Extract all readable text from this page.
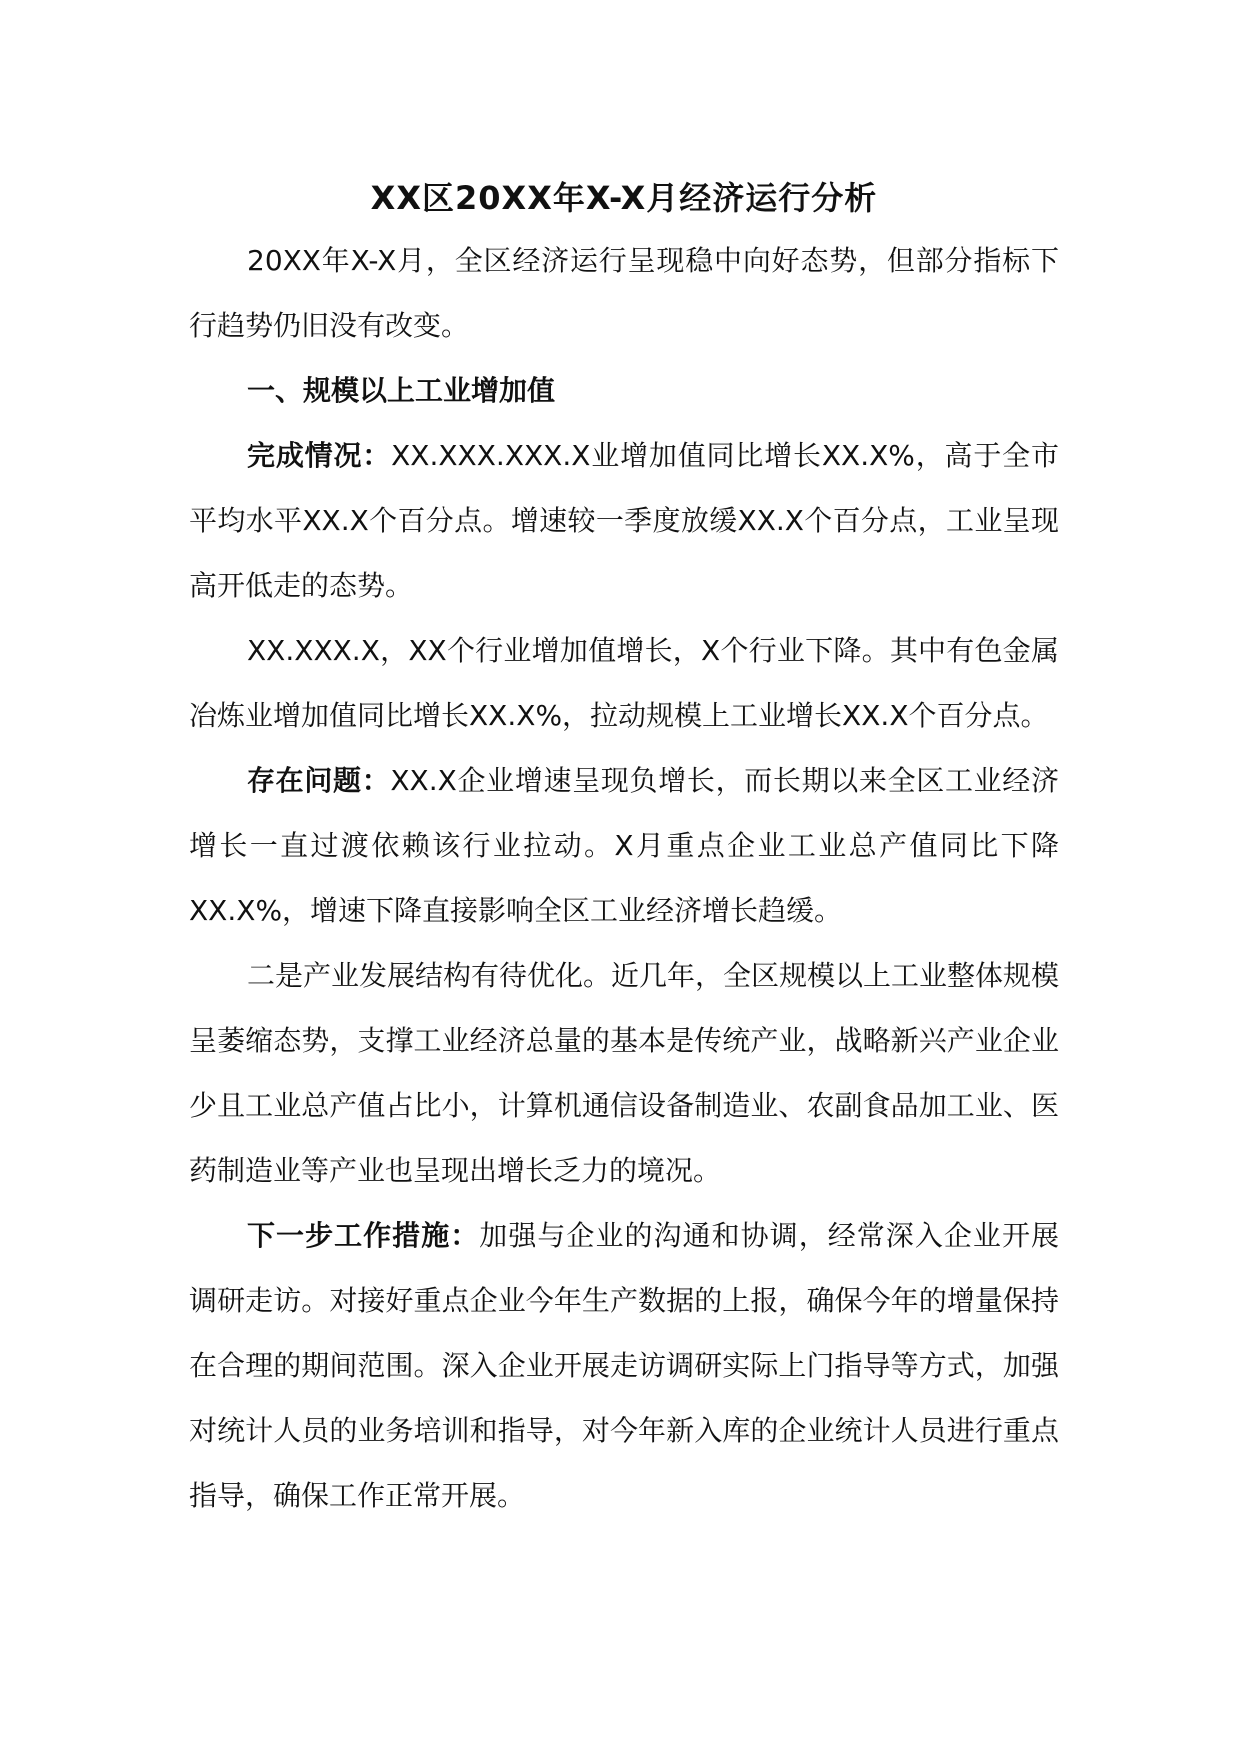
XX区20XX年X-X月经济运行分析

20XX年X-X月，全区经济运行呈现稳中向好态势，但部分指标下行趋势仍旧没有改变。

一、规模以上工业增加值

完成情况：XX.XXX.XXX.X业增加值同比增长XX.X%，高于全市平均水平XX.X个百分点。增速较一季度放缓XX.X个百分点，工业呈现高开低走的态势。

XX.XXX.X，XX个行业增加值增长，X个行业下降。其中有色金属冶炼业增加值同比增长XX.X%，拉动规模上工业增长XX.X个百分点。

存在问题：XX.X企业增速呈现负增长，而长期以来全区工业经济增长一直过渡依赖该行业拉动。X月重点企业工业总产值同比下降XX.X%，增速下降直接影响全区工业经济增长趋缓。

二是产业发展结构有待优化。近几年，全区规模以上工业整体规模呈萎缩态势，支撑工业经济总量的基本是传统产业，战略新兴产业企业少且工业总产值占比小，计算机通信设备制造业、农副食品加工业、医药制造业等产业也呈现出增长乏力的境况。

下一步工作措施：加强与企业的沟通和协调，经常深入企业开展调研走访。对接好重点企业今年生产数据的上报，确保今年的增量保持在合理的期间范围。深入企业开展走访调研实际上门指导等方式，加强对统计人员的业务培训和指导，对今年新入库的企业统计人员进行重点指导，确保工作正常开展。
